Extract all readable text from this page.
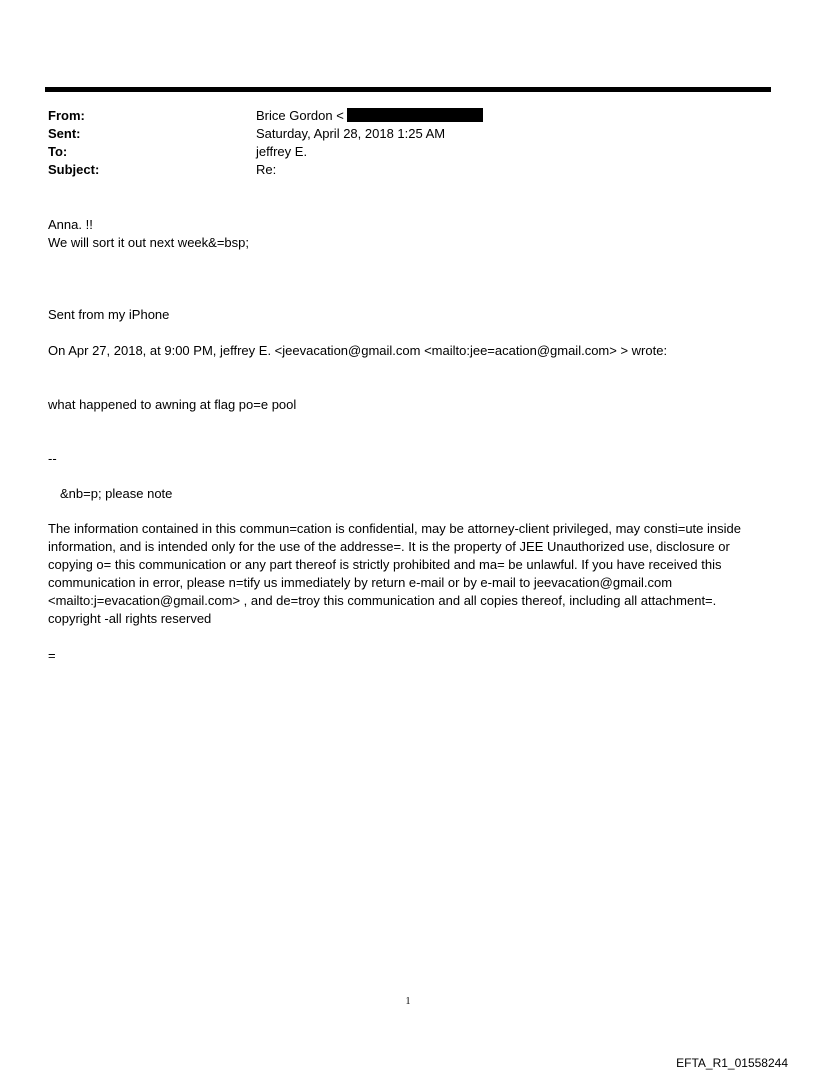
From:	Brice Gordon <
Sent:	Saturday, April 28, 2018 1:25 AM
To:	jeffrey E.
Subject:	Re:
Anna. !!
We will sort it out next week&=bsp;
Sent from my iPhone
On Apr 27, 2018, at 9:00 PM, jeffrey E. <jeevacation@gmail.com <mailto:jee=acation@gmail.com> > wrote:
what happened to awning at flag po=e pool
--
&nb=p; please note
The information contained in this commun=cation is confidential, may be attorney-client privileged, may consti=ute inside information, and is intended only for the use of the addresse=. It is the property of JEE Unauthorized use, disclosure or copying o= this communication or any part thereof is strictly prohibited and ma= be unlawful. If you have received this communication in error, please n=tify us immediately by return e-mail or by e-mail to jeevacation@gmail.com <mailto:j=evacation@gmail.com> , and de=troy this communication and all copies thereof, including all attachment=. copyright -all rights reserved
=
1
EFTA_R1_01558244
